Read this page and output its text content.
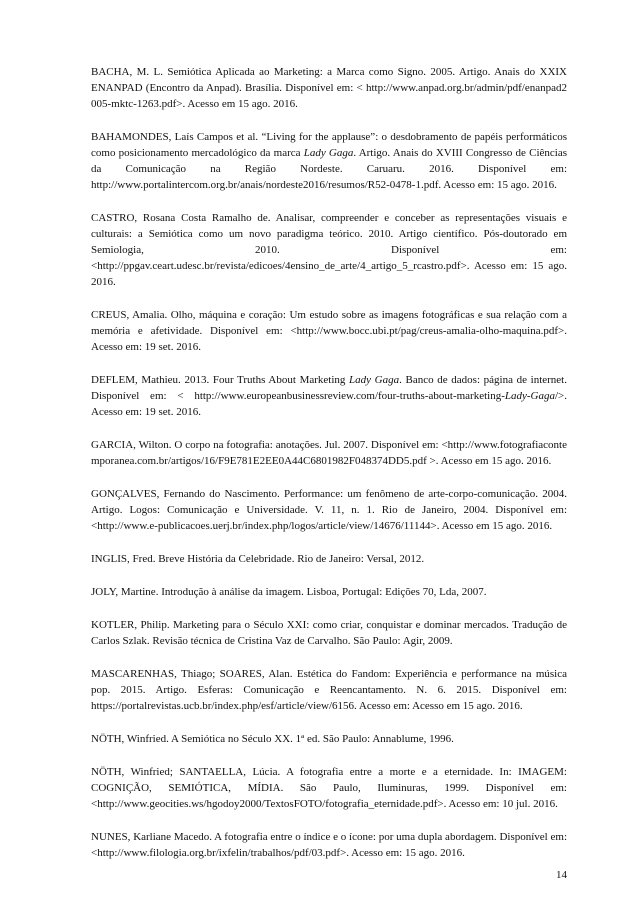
BACHA, M. L. Semiótica Aplicada ao Marketing: a Marca como Signo. 2005. Artigo. Anais do XXIX ENANPAD (Encontro da Anpad). Brasília. Disponível em: < http://www.anpad.org.br/admin/pdf/enanpad2005-mktc-1263.pdf>. Acesso em 15 ago. 2016.

BAHAMONDES, Laís Campos et al. “Living for the applause”: o desdobramento de papéis performáticos como posicionamento mercadológico da marca Lady Gaga. Artigo. Anais do XVIII Congresso de Ciências da Comunicação na Região Nordeste. Caruaru. 2016. Disponível em: http://www.portalintercom.org.br/anais/nordeste2016/resumos/R52-0478-1.pdf. Acesso em: 15 ago. 2016.

CASTRO, Rosana Costa Ramalho de. Analisar, compreender e conceber as representações visuais e culturais: a Semiótica como um novo paradigma teórico. 2010. Artigo científico. Pós-doutorado em Semiologia, 2010. Disponível em: <http://ppgav.ceart.udesc.br/revista/edicoes/4ensino_de_arte/4_artigo_5_rcastro.pdf>. Acesso em: 15 ago. 2016.

CREUS, Amalia. Olho, máquina e coração: Um estudo sobre as imagens fotográficas e sua relação com a memória e afetividade. Disponível em: <http://www.bocc.ubi.pt/pag/creus-amalia-olho-maquina.pdf>. Acesso em: 19 set. 2016.

DEFLEM, Mathieu. 2013. Four Truths About Marketing Lady Gaga. Banco de dados: página de internet. Disponível em: < http://www.europeanbusinessreview.com/four-truths-about-marketing-Lady-Gaga/>. Acesso em: 19 set. 2016.

GARCIA, Wilton. O corpo na fotografia: anotações. Jul. 2007. Disponível em: <http://www.fotografiacontemporanea.com.br/artigos/16/F9E781E2EE0A44C6801982F048374DD5.pdf >. Acesso em 15 ago. 2016.

GONÇALVES, Fernando do Nascimento. Performance: um fenômeno de arte-corpo-comunicação. 2004. Artigo. Logos: Comunicação e Universidade. V. 11, n. 1. Rio de Janeiro, 2004. Disponível em: <http://www.e-publicacoes.uerj.br/index.php/logos/article/view/14676/11144>. Acesso em 15 ago. 2016.

INGLIS, Fred. Breve História da Celebridade. Rio de Janeiro: Versal, 2012.

JOLY, Martine. Introdução à análise da imagem. Lisboa, Portugal: Edições 70, Lda, 2007.

KOTLER, Philip. Marketing para o Século XXI: como criar, conquistar e dominar mercados. Tradução de Carlos Szlak. Revisão técnica de Cristina Vaz de Carvalho. São Paulo: Agir, 2009.

MASCARENHAS, Thiago; SOARES, Alan. Estética do Fandom: Experiência e performance na música pop. 2015. Artigo. Esferas: Comunicação e Reencantamento. N. 6. 2015. Disponível em: https://portalrevistas.ucb.br/index.php/esf/article/view/6156. Acesso em: Acesso em 15 ago. 2016.

NÖTH, Winfried. A Semiótica no Século XX. 1ª ed. São Paulo: Annablume, 1996.

NÖTH, Winfried; SANTAELLA, Lúcia. A fotografia entre a morte e a eternidade. In: IMAGEM: COGNIÇÃO, SEMIÓTICA, MÍDIA. São Paulo, Iluminuras, 1999. Disponível em: <http://www.geocities.ws/hgodoy2000/TextosFOTO/fotografia_eternidade.pdf>. Acesso em: 10 jul. 2016.

NUNES, Karliane Macedo. A fotografia entre o índice e o ícone: por uma dupla abordagem. Disponível em: <http://www.filologia.org.br/ixfelin/trabalhos/pdf/03.pdf>. Acesso em: 15 ago. 2016.

14
